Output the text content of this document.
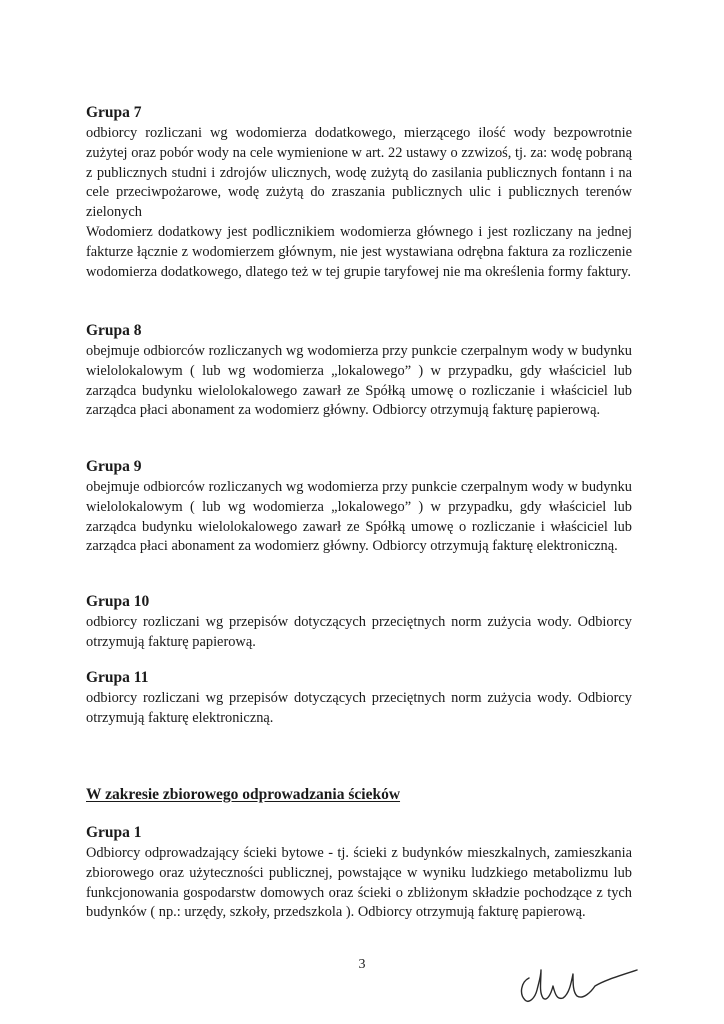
Grupa 7

odbiorcy rozliczani wg wodomierza dodatkowego, mierzącego ilość wody bezpowrotnie zużytej oraz pobór wody na cele wymienione w art. 22 ustawy o zzwizoś, tj. za: wodę pobraną z publicznych studni i zdrojów ulicznych, wodę zużytą do zasilania publicznych fontann i na cele przeciwpożarowe, wodę zużytą do zraszania publicznych ulic i publicznych terenów zielonych
Wodomierz dodatkowy jest podlicznikiem wodomierza głównego i jest rozliczany na jednej fakturze łącznie z wodomierzem głównym, nie jest wystawiana odrębna faktura za rozliczenie wodomierza dodatkowego, dlatego też w tej grupie taryfowej nie ma określenia formy faktury.

Grupa 8

obejmuje odbiorców rozliczanych wg wodomierza przy punkcie czerpalnym wody w budynku wielolokalowym ( lub wg wodomierza „lokalowego” ) w przypadku, gdy właściciel lub zarządca budynku wielolokalowego zawarł ze Spółką umowę o rozliczanie i właściciel lub zarządca płaci abonament za wodomierz główny. Odbiorcy otrzymują fakturę papierową.

Grupa 9

obejmuje odbiorców rozliczanych wg wodomierza przy punkcie czerpalnym wody w budynku wielolokalowym ( lub wg wodomierza „lokalowego” ) w przypadku, gdy właściciel lub zarządca budynku wielolokalowego zawarł ze Spółką umowę o rozliczanie i właściciel lub zarządca płaci abonament za wodomierz główny. Odbiorcy otrzymują fakturę elektroniczną.

Grupa 10

odbiorcy rozliczani wg przepisów dotyczących przeciętnych norm zużycia wody. Odbiorcy otrzymują fakturę papierową.

Grupa 11

odbiorcy rozliczani wg przepisów dotyczących przeciętnych norm zużycia wody. Odbiorcy otrzymują fakturę elektroniczną.

W zakresie zbiorowego odprowadzania ścieków
Grupa 1

Odbiorcy odprowadzający ścieki bytowe - tj. ścieki z budynków mieszkalnych, zamieszkania zbiorowego oraz użyteczności publicznej, powstające w wyniku ludzkiego metabolizmu lub funkcjonowania gospodarstw domowych oraz ścieki o zbliżonym składzie pochodzące z tych budynków ( np.: urzędy, szkoły, przedszkola ). Odbiorcy otrzymują fakturę papierową.

3
